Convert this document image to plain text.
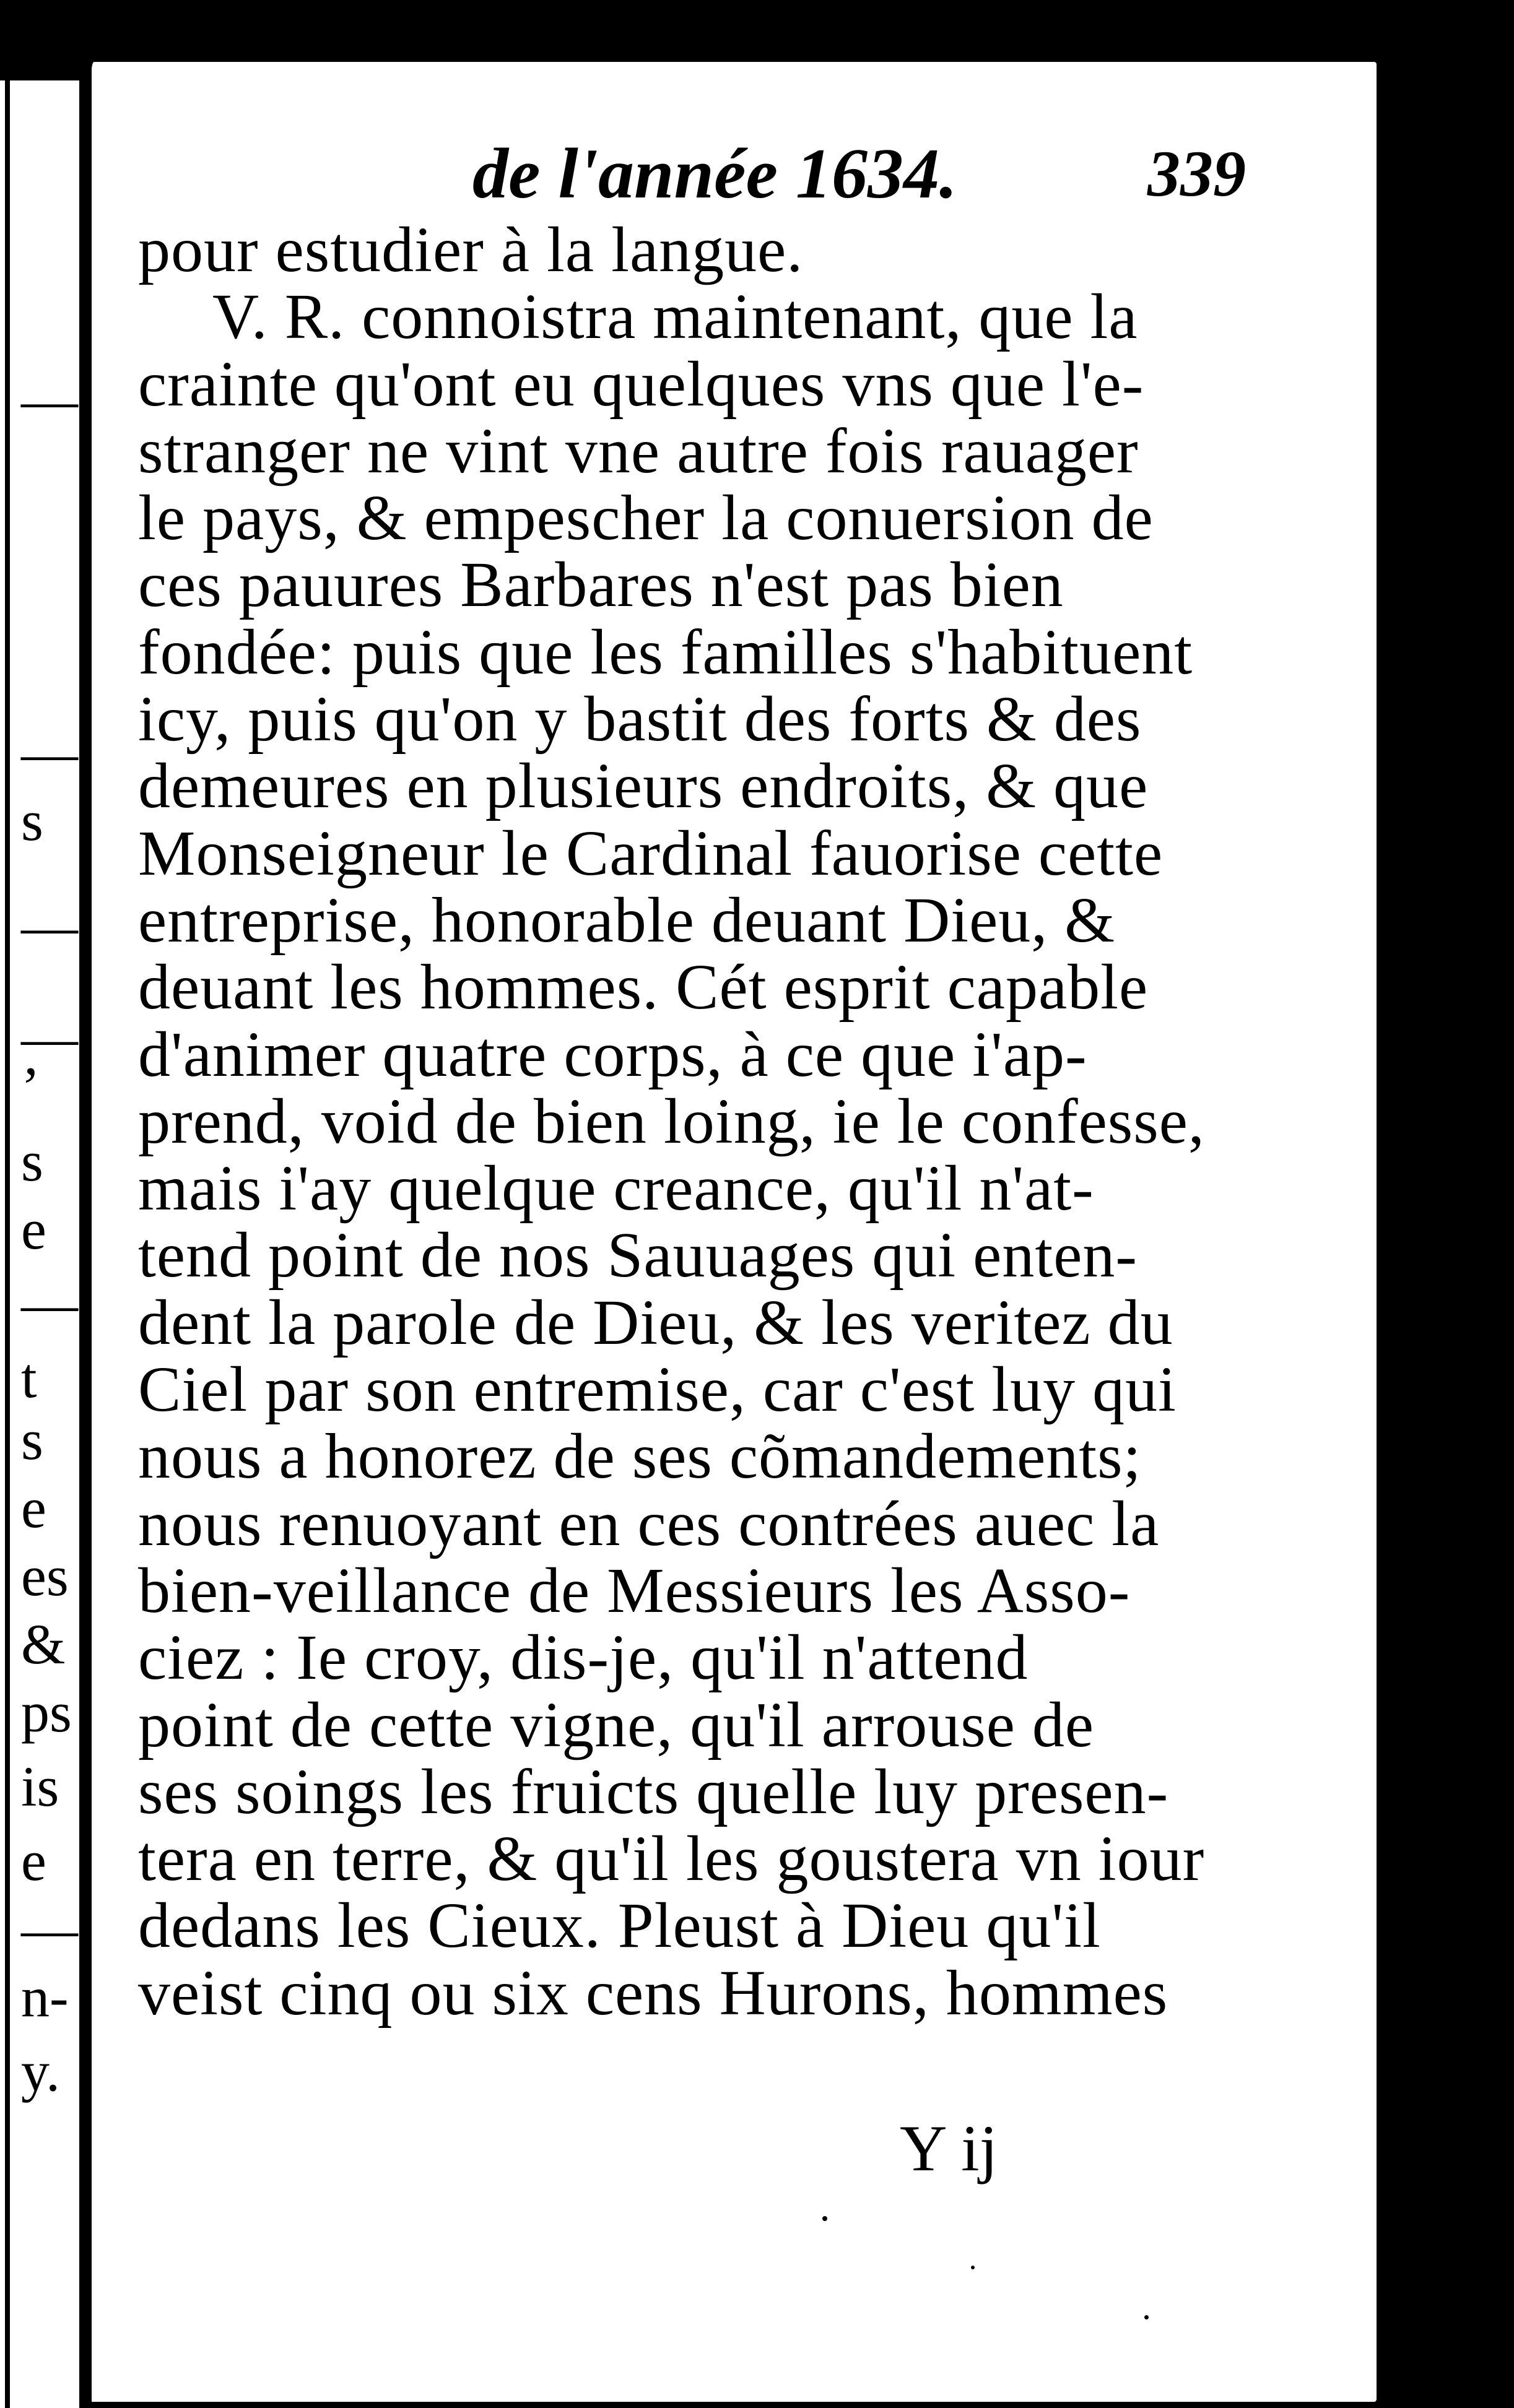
—
—
s
—
—
’
s
e
—
t
s
e
es
&
ps
is
e
—
n-
y.
de l'année 1634.	339
pour estudier à la langue.
V. R. connoistra maintenant, que la
crainte qu'ont eu quelques vns que l'e-
stranger ne vint vne autre fois rauager
le pays, & empescher la conuersion de
ces pauures Barbares n'est pas bien
fondée: puis que les familles s'habituent
icy, puis qu'on y bastit des forts & des
demeures en plusieurs endroits, & que
Monseigneur le Cardinal fauorise cette
entreprise, honorable deuant Dieu, &
deuant les hommes. Cét esprit capable
d'animer quatre corps, à ce que i'ap-
prend, void de bien loing, ie le confesse,
mais i'ay quelque creance, qu'il n'at-
tend point de nos Sauuages qui enten-
dent la parole de Dieu, & les veritez du
Ciel par son entremise, car c'est luy qui
nous a honorez de ses cõmandements;
nous renuoyant en ces contrées auec la
bien-veillance de Messieurs les Asso-
ciez : Ie croy, dis-je, qu'il n'attend
point de cette vigne, qu'il arrouse de
ses soings les fruicts quelle luy presen-
tera en terre, & qu'il les goustera vn iour
dedans les Cieux. Pleust à Dieu qu'il
veist cinq ou six cens Hurons, hommes
Y ij
